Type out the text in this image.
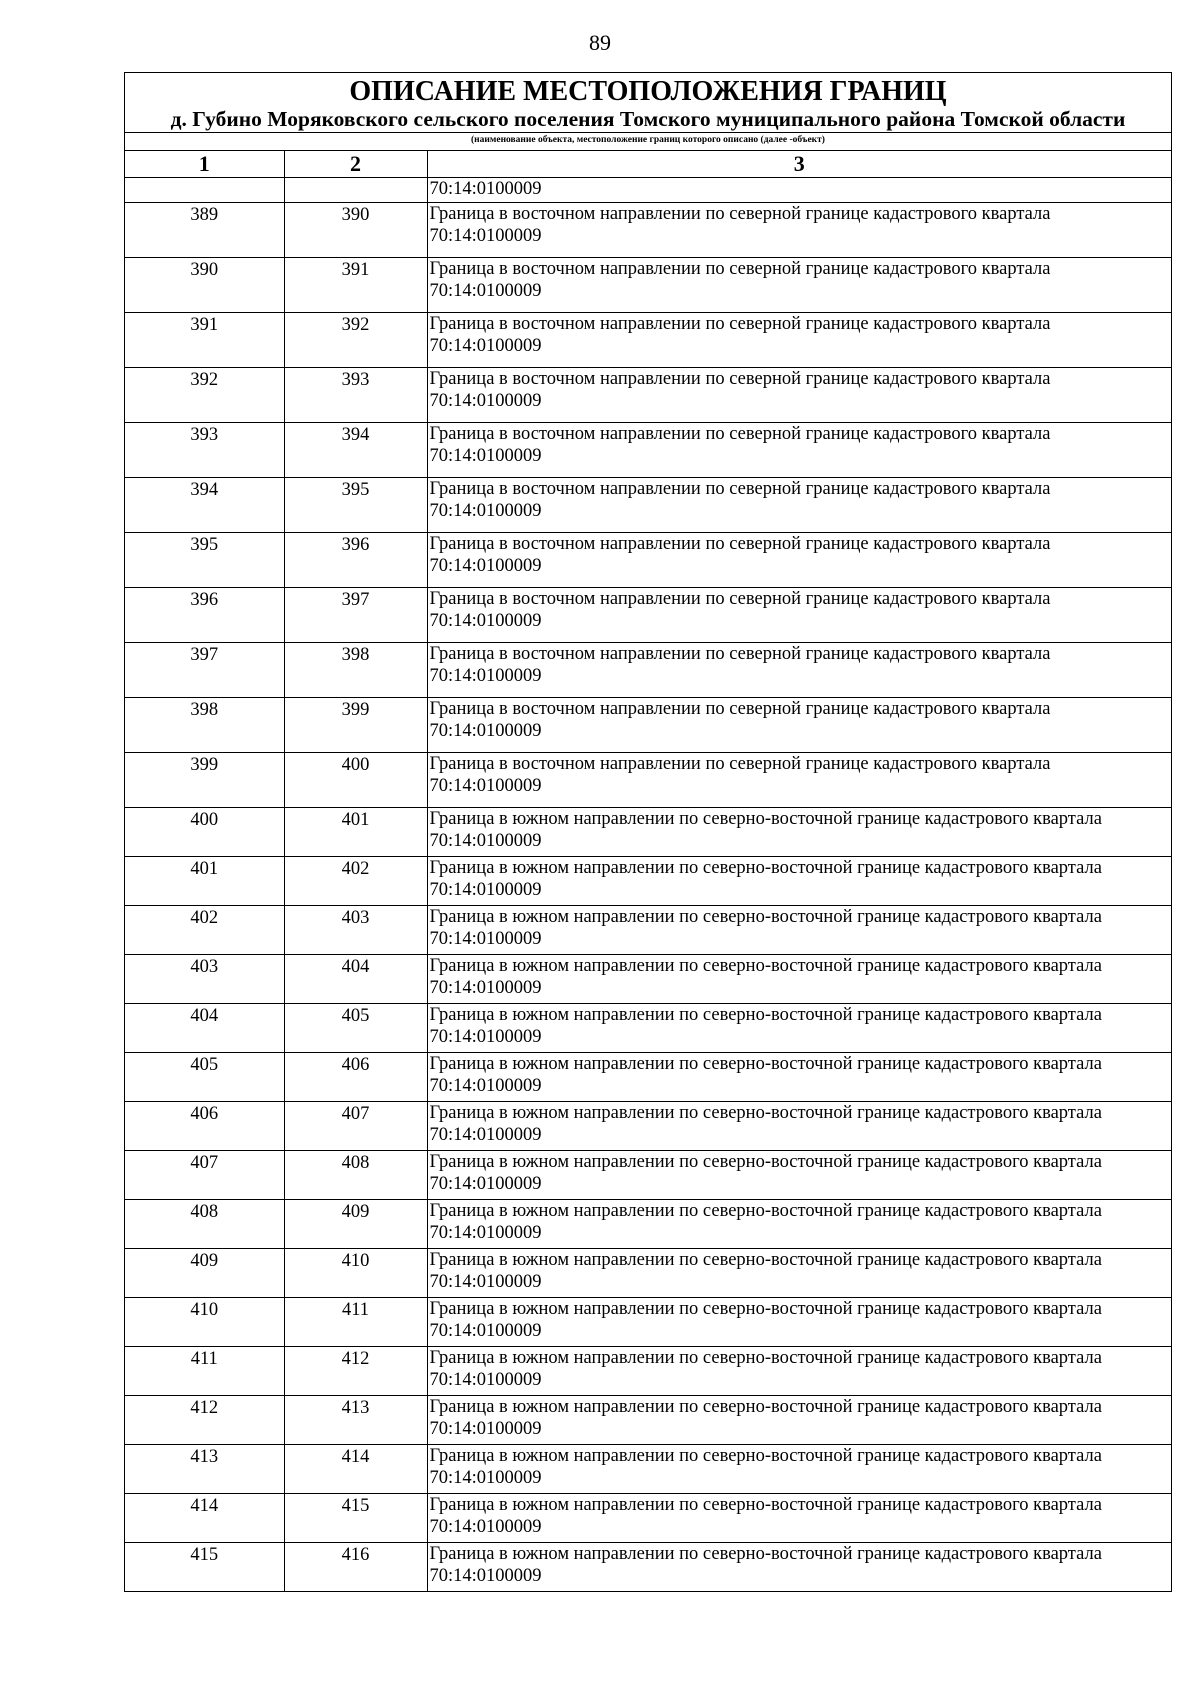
89
ОПИСАНИЕ МЕСТОПОЛОЖЕНИЯ ГРАНИЦ
д. Губино Моряковского сельского поселения Томского муниципального района Томской области
(наименование объекта, местоположение границ которого описано (далее -объект)
1	2	3

		70:14:0100009

389	390	Граница в восточном направлении по северной границе кадастрового квартала
70:14:0100009

390	391	Граница в восточном направлении по северной границе кадастрового квартала
70:14:0100009

391	392	Граница в восточном направлении по северной границе кадастрового квартала
70:14:0100009

392	393	Граница в восточном направлении по северной границе кадастрового квартала
70:14:0100009

393	394	Граница в восточном направлении по северной границе кадастрового квартала
70:14:0100009

394	395	Граница в восточном направлении по северной границе кадастрового квартала
70:14:0100009

395	396	Граница в восточном направлении по северной границе кадастрового квартала
70:14:0100009

396	397	Граница в восточном направлении по северной границе кадастрового квартала
70:14:0100009

397	398	Граница в восточном направлении по северной границе кадастрового квартала
70:14:0100009

398	399	Граница в восточном направлении по северной границе кадастрового квартала
70:14:0100009

399	400	Граница в восточном направлении по северной границе кадастрового квартала
70:14:0100009

400	401	Граница в южном направлении по северно-восточной границе кадастрового квартала
70:14:0100009

401	402	Граница в южном направлении по северно-восточной границе кадастрового квартала
70:14:0100009

402	403	Граница в южном направлении по северно-восточной границе кадастрового квартала
70:14:0100009

403	404	Граница в южном направлении по северно-восточной границе кадастрового квартала
70:14:0100009

404	405	Граница в южном направлении по северно-восточной границе кадастрового квартала
70:14:0100009

405	406	Граница в южном направлении по северно-восточной границе кадастрового квартала
70:14:0100009

406	407	Граница в южном направлении по северно-восточной границе кадастрового квартала
70:14:0100009

407	408	Граница в южном направлении по северно-восточной границе кадастрового квартала
70:14:0100009

408	409	Граница в южном направлении по северно-восточной границе кадастрового квартала
70:14:0100009

409	410	Граница в южном направлении по северно-восточной границе кадастрового квартала
70:14:0100009

410	411	Граница в южном направлении по северно-восточной границе кадастрового квартала
70:14:0100009

411	412	Граница в южном направлении по северно-восточной границе кадастрового квартала
70:14:0100009

412	413	Граница в южном направлении по северно-восточной границе кадастрового квартала
70:14:0100009

413	414	Граница в южном направлении по северно-восточной границе кадастрового квартала
70:14:0100009

414	415	Граница в южном направлении по северно-восточной границе кадастрового квартала
70:14:0100009

415	416	Граница в южном направлении по северно-восточной границе кадастрового квартала
70:14:0100009
